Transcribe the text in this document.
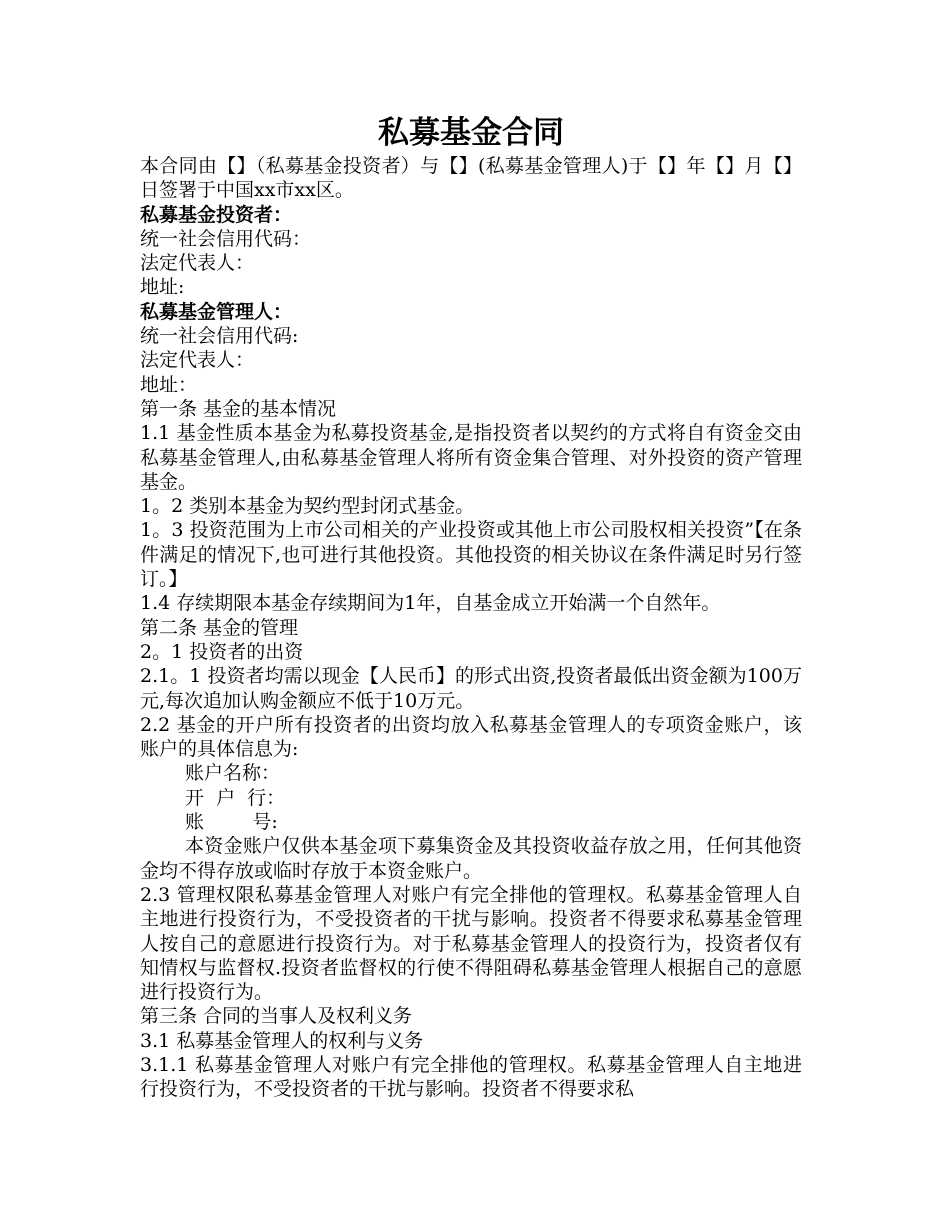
私募基金合同

本合同由【】（私募基金投资者）与【】(私募基金管理人)于【】年【】月【】日签署于中国xx市xx区。

私募基金投资者：

统一社会信用代码：

法定代表人：

地址:

私募基金管理人：

统一社会信用代码:

法定代表人：

地址：

第一条 基金的基本情况

1.1 基金性质本基金为私募投资基金,是指投资者以契约的方式将自有资金交由私募基金管理人,由私募基金管理人将所有资金集合管理、对外投资的资产管理基金。

1。2 类别本基金为契约型封闭式基金。

1。3 投资范围为上市公司相关的产业投资或其他上市公司股权相关投资”【在条件满足的情况下,也可进行其他投资。其他投资的相关协议在条件满足时另行签订。】

1.4 存续期限本基金存续期间为1年，自基金成立开始满一个自然年。

第二条 基金的管理

2。1 投资者的出资

2.1。1 投资者均需以现金【人民币】的形式出资,投资者最低出资金额为100万元,每次追加认购金额应不低于10万元。

2.2 基金的开户所有投资者的出资均放入私募基金管理人的专项资金账户，该账户的具体信息为:

账户名称：

开  户  行：

账        号:

本资金账户仅供本基金项下募集资金及其投资收益存放之用，任何其他资金均不得存放或临时存放于本资金账户。

2.3 管理权限私募基金管理人对账户有完全排他的管理权。私募基金管理人自主地进行投资行为，不受投资者的干扰与影响。投资者不得要求私募基金管理人按自己的意愿进行投资行为。对于私募基金管理人的投资行为，投资者仅有知情权与监督权.投资者监督权的行使不得阻碍私募基金管理人根据自己的意愿进行投资行为。

第三条 合同的当事人及权利义务

3.1 私募基金管理人的权利与义务

3.1.1 私募基金管理人对账户有完全排他的管理权。私募基金管理人自主地进行投资行为，不受投资者的干扰与影响。投资者不得要求私
